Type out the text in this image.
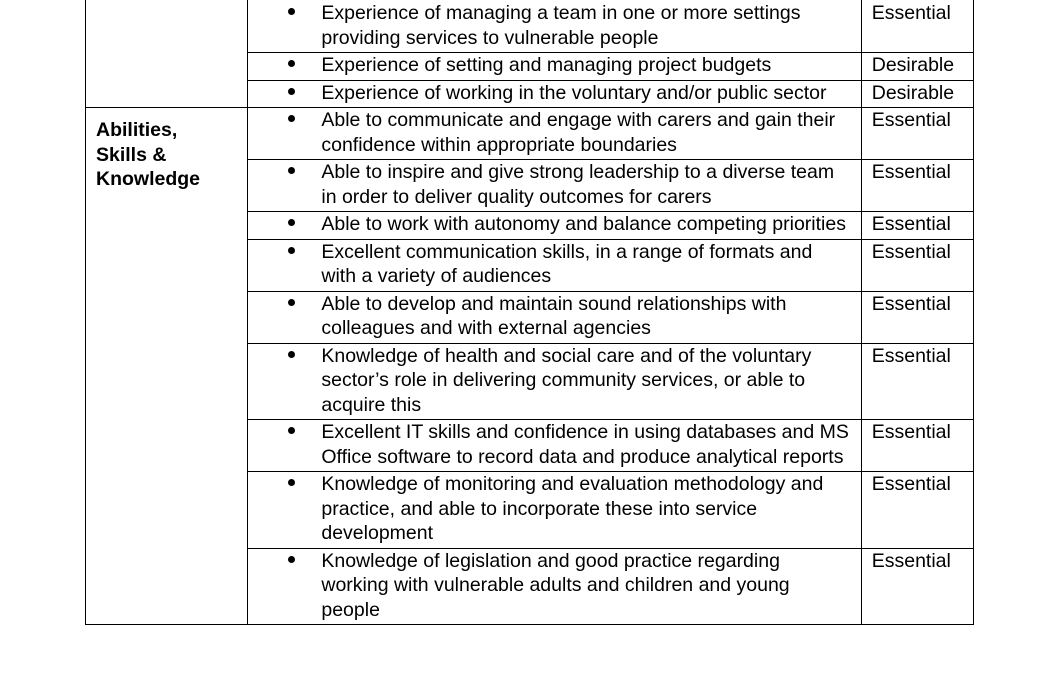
Experience of managing a team in one or more settings providing services to vulnerable people	Essential

Experience of setting and managing project budgets	Desirable

Experience of working in the voluntary and/or public sector	Desirable

Abilities,
Skills &
Knowledge	Able to communicate and engage with carers and gain their confidence within appropriate boundaries	Essential

Able to inspire and give strong leadership to a diverse team in order to deliver quality outcomes for carers	Essential

Able to work with autonomy and balance competing priorities	Essential

Excellent communication skills, in a range of formats and with a variety of audiences	Essential

Able to develop and maintain sound relationships with colleagues and with external agencies	Essential

Knowledge of health and social care and of the voluntary sector’s role in delivering community services, or able to acquire this	Essential

Excellent IT skills and confidence in using databases and MS Office software to record data and produce analytical reports	Essential

Knowledge of monitoring and evaluation methodology and practice, and able to incorporate these into service development	Essential

Knowledge of legislation and good practice regarding working with vulnerable adults and children and young people	Essential
